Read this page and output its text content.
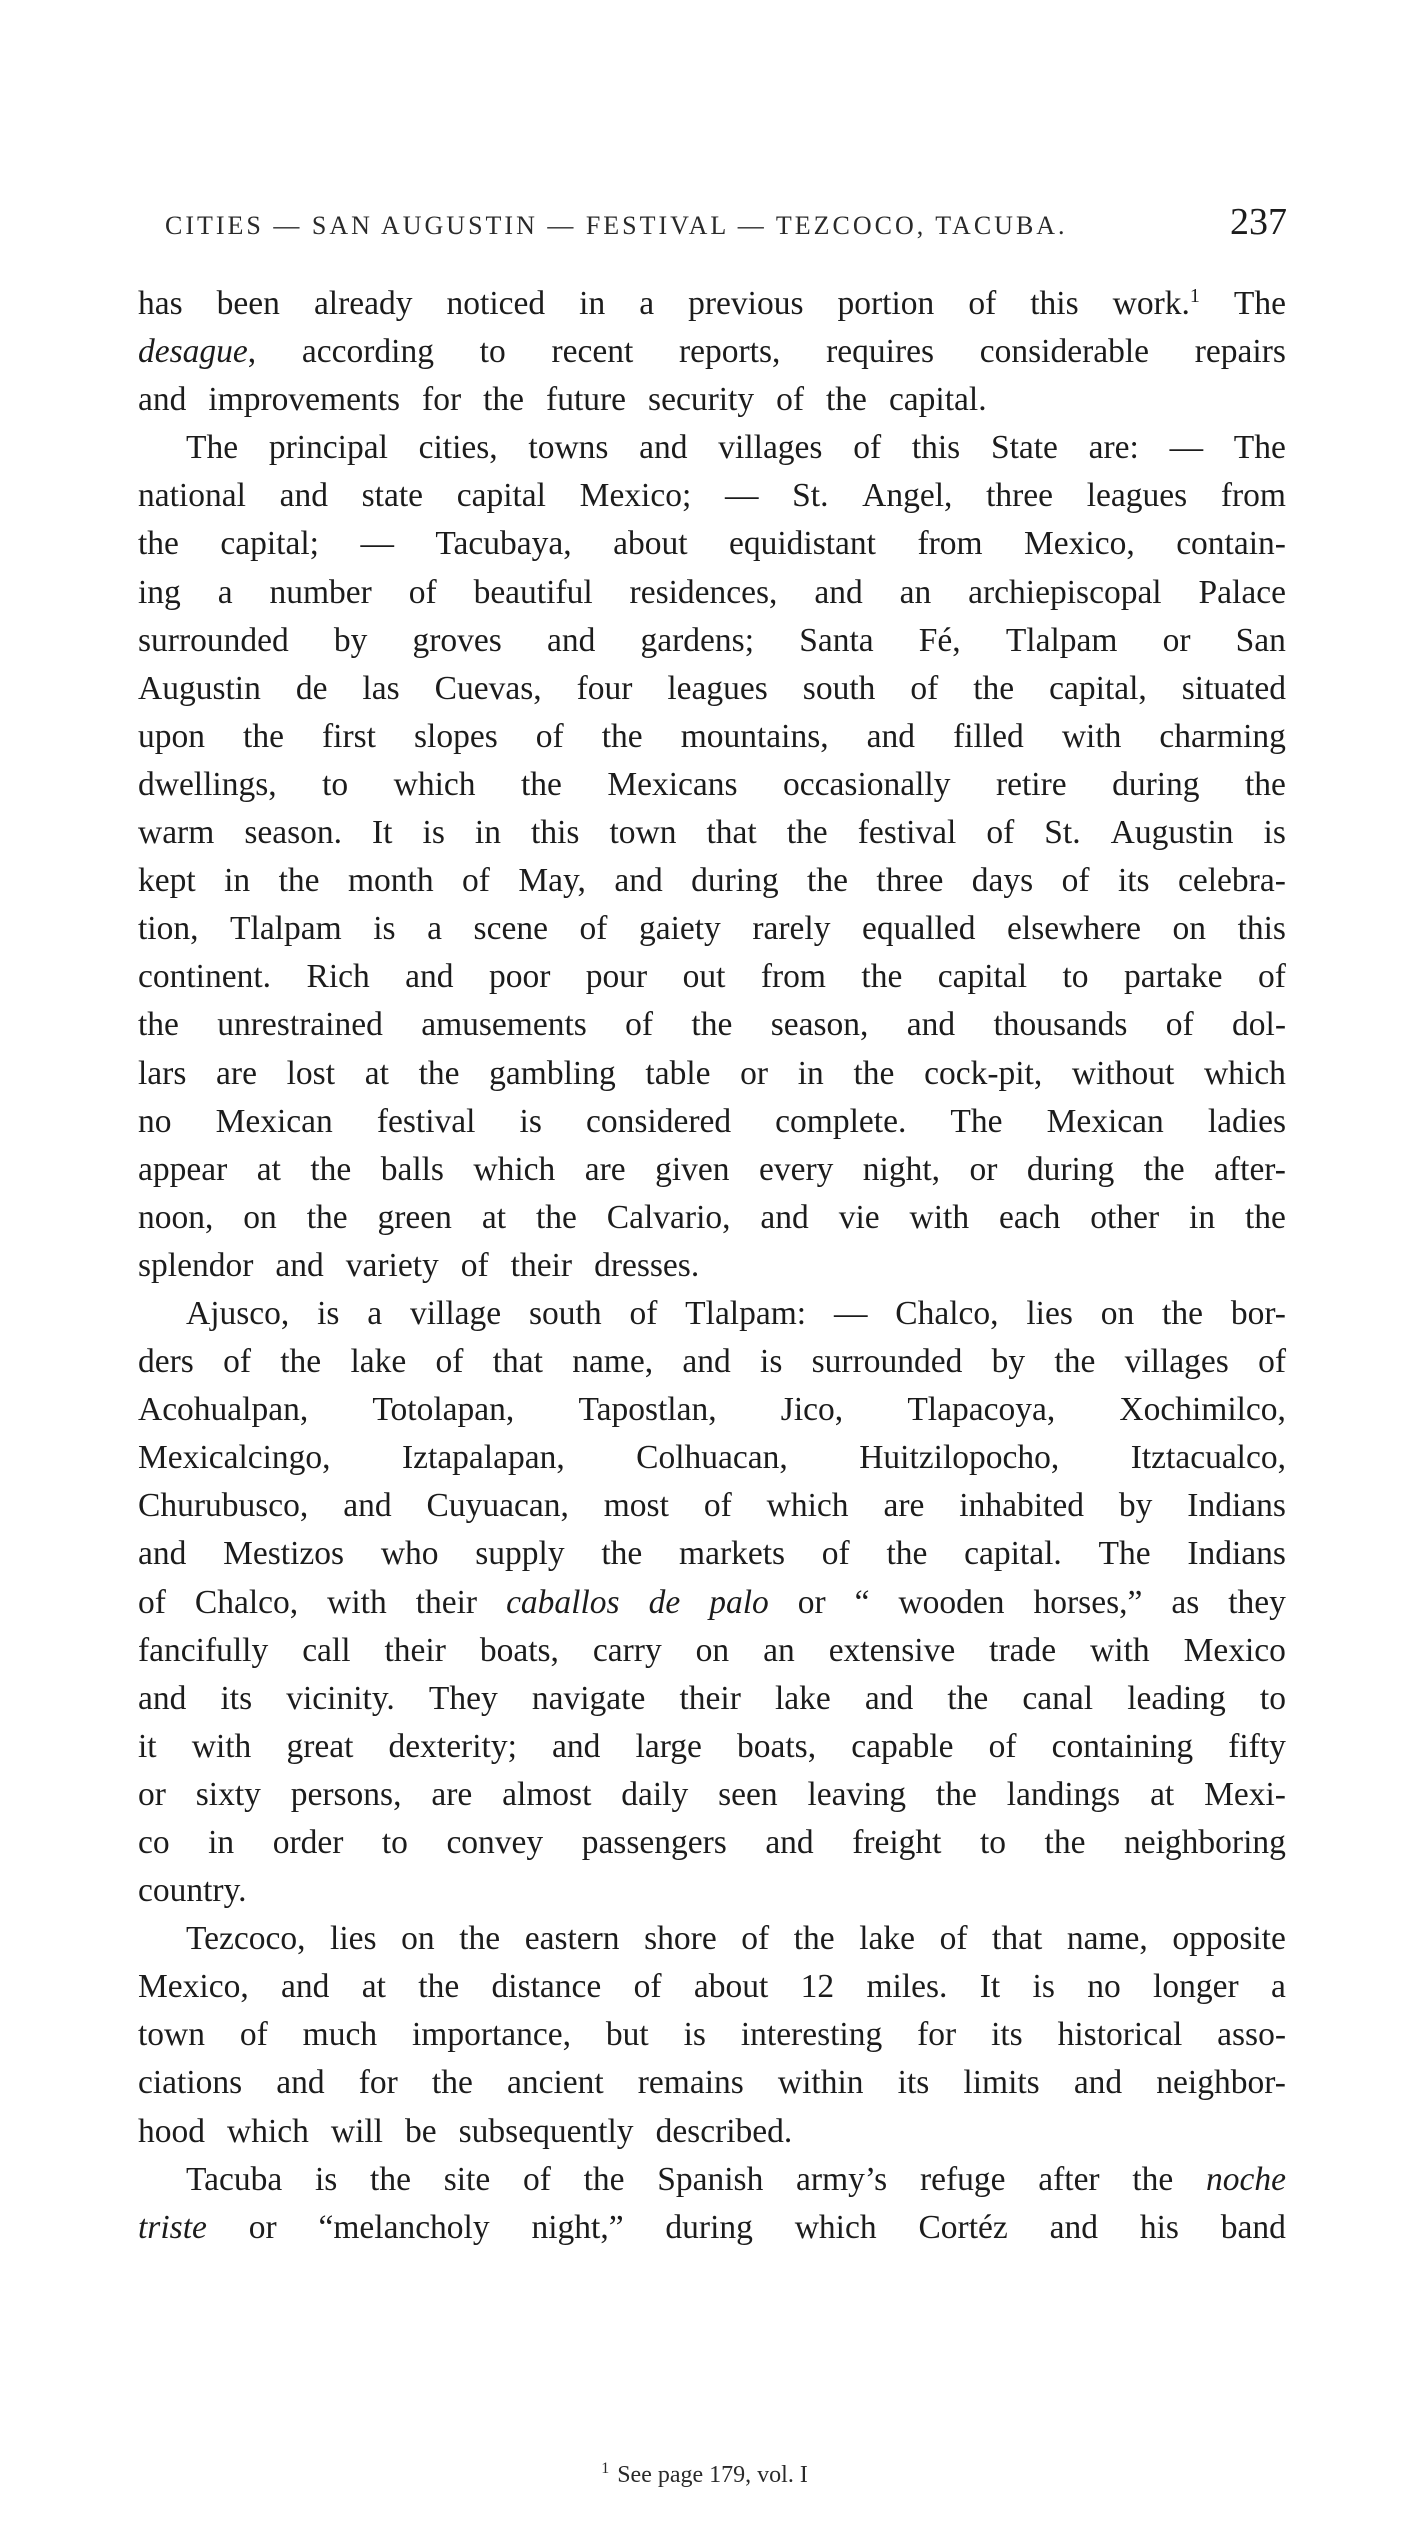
CITIES — SAN AUGUSTIN — FESTIVAL — TEZCOCO, TACUBA.	237
has been already noticed in a previous portion of this work.1 The
desague, according to recent reports, requires considerable repairs
and improvements for the future security of the capital.
The principal cities, towns and villages of this State are: — The
national and state capital Mexico; — St. Angel, three leagues from
the capital; — Tacubaya, about equidistant from Mexico, contain-
ing a number of beautiful residences, and an archiepiscopal Palace
surrounded by groves and gardens; Santa Fé, Tlalpam or San
Augustin de las Cuevas, four leagues south of the capital, situated
upon the first slopes of the mountains, and filled with charming
dwellings, to which the Mexicans occasionally retire during the
warm season. It is in this town that the festival of St. Augustin is
kept in the month of May, and during the three days of its celebra-
tion, Tlalpam is a scene of gaiety rarely equalled elsewhere on this
continent. Rich and poor pour out from the capital to partake of
the unrestrained amusements of the season, and thousands of dol-
lars are lost at the gambling table or in the cock-pit, without which
no Mexican festival is considered complete. The Mexican ladies
appear at the balls which are given every night, or during the after-
noon, on the green at the Calvario, and vie with each other in the
splendor and variety of their dresses.
Ajusco, is a village south of Tlalpam: — Chalco, lies on the bor-
ders of the lake of that name, and is surrounded by the villages of
Acohualpan, Totolapan, Tapostlan, Jico, Tlapacoya, Xochimilco,
Mexicalcingo, Iztapalapan, Colhuacan, Huitzilopocho, Itztacualco,
Churubusco, and Cuyuacan, most of which are inhabited by Indians
and Mestizos who supply the markets of the capital. The Indians
of Chalco, with their caballos de palo or “ wooden horses,” as they
fancifully call their boats, carry on an extensive trade with Mexico
and its vicinity. They navigate their lake and the canal leading to
it with great dexterity; and large boats, capable of containing fifty
or sixty persons, are almost daily seen leaving the landings at Mexi-
co in order to convey passengers and freight to the neighboring
country.
Tezcoco, lies on the eastern shore of the lake of that name, opposite
Mexico, and at the distance of about 12 miles. It is no longer a
town of much importance, but is interesting for its historical asso-
ciations and for the ancient remains within its limits and neighbor-
hood which will be subsequently described.
Tacuba is the site of the Spanish army’s refuge after the noche
triste or “melancholy night,” during which Cortéz and his band
$^1$ See page 179, vol. I
